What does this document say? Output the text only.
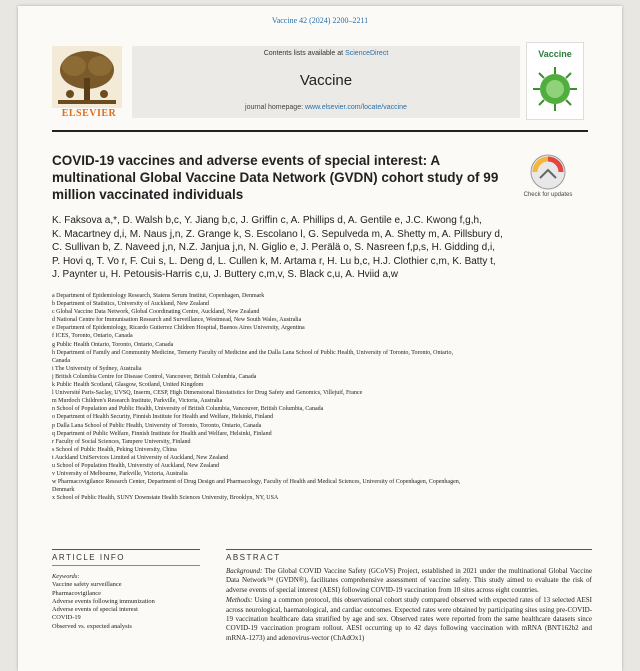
Vaccine 42 (2024) 2200–2211
ELSEVIER
Contents lists available at ScienceDirect
Vaccine
journal homepage: www.elsevier.com/locate/vaccine
Vaccine
COVID-19 vaccines and adverse events of special interest: A multinational Global Vaccine Data Network (GVDN) cohort study of 99 million vaccinated individuals	Check for updates
K. Faksova a,*, D. Walsh b,c, Y. Jiang b,c, J. Griffin c, A. Phillips d, A. Gentile e, J.C. Kwong f,g,h,
K. Macartney d,i, M. Naus j,n, Z. Grange k, S. Escolano l, G. Sepulveda m, A. Shetty m, A. Pillsbury d,
C. Sullivan b, Z. Naveed j,n, N.Z. Janjua j,n, N. Giglio e, J. Perälä o, S. Nasreen f,p,s, H. Gidding d,i,
P. Hovi q, T. Vo r, F. Cui s, L. Deng d, L. Cullen k, M. Artama r, H. Lu b,c, H.J. Clothier c,m, K. Batty t,
J. Paynter u, H. Petousis-Harris c,u, J. Buttery c,m,v, S. Black c,u, A. Hviid a,w
a Department of Epidemiology Research, Statens Serum Institut, Copenhagen, Denmark
b Department of Statistics, University of Auckland, New Zealand
c Global Vaccine Data Network, Global Coordinating Centre, Auckland, New Zealand
d National Centre for Immunisation Research and Surveillance, Westmead, New South Wales, Australia
e Department of Epidemiology, Ricardo Gutierrez Children Hospital, Buenos Aires University, Argentina
f ICES, Toronto, Ontario, Canada
g Public Health Ontario, Toronto, Ontario, Canada
h Department of Family and Community Medicine, Temerty Faculty of Medicine and the Dalla Lana School of Public Health, University of Toronto, Toronto, Ontario,
Canada
i The University of Sydney, Australia
j British Columbia Centre for Disease Control, Vancouver, British Columbia, Canada
k Public Health Scotland, Glasgow, Scotland, United Kingdom
l Université Paris-Saclay, UVSQ, Inserm, CESP, High Dimensional Biostatistics for Drug Safety and Genomics, Villejuif, France
m Murdoch Children's Research Institute, Parkville, Victoria, Australia
n School of Population and Public Health, University of British Columbia, Vancouver, British Columbia, Canada
o Department of Health Security, Finnish Institute for Health and Welfare, Helsinki, Finland
p Dalla Lana School of Public Health, University of Toronto, Toronto, Ontario, Canada
q Department of Public Welfare, Finnish Institute for Health and Welfare, Helsinki, Finland
r Faculty of Social Sciences, Tampere University, Finland
s School of Public Health, Peking University, China
t Auckland UniServices Limited at University of Auckland, New Zealand
u School of Population Health, University of Auckland, New Zealand
v University of Melbourne, Parkville, Victoria, Australia
w Pharmacovigilance Research Center, Department of Drug Design and Pharmacology, Faculty of Health and Medical Sciences, University of Copenhagen, Copenhagen,
Denmark
x School of Public Health, SUNY Downstate Health Sciences University, Brooklyn, NY, USA
ARTICLE INFO	ABSTRACT
Keywords:
Vaccine safety surveillance
Pharmacovigilance
Adverse events following immunization
Adverse events of special interest
COVID-19
Observed vs. expected analysis

Background: The Global COVID Vaccine Safety (GCoVS) Project, established in 2021 under the multinational Global Vaccine Data Network™ (GVDN®), facilitates comprehensive assessment of vaccine safety. This study aimed to evaluate the risk of adverse events of special interest (AESI) following COVID-19 vaccination from 10 sites across eight countries.

Methods: Using a common protocol, this observational cohort study compared observed with expected rates of 13 selected AESI across neurological, haematological, and cardiac outcomes. Expected rates were obtained by participating sites using pre-COVID-19 vaccination healthcare data stratified by age and sex. Observed rates were reported from the same healthcare datasets since COVID-19 vaccination program rollout. AESI occurring up to 42 days following vaccination with mRNA (BNT162b2 and mRNA-1273) and adenovirus-vector (ChAdOx1)
